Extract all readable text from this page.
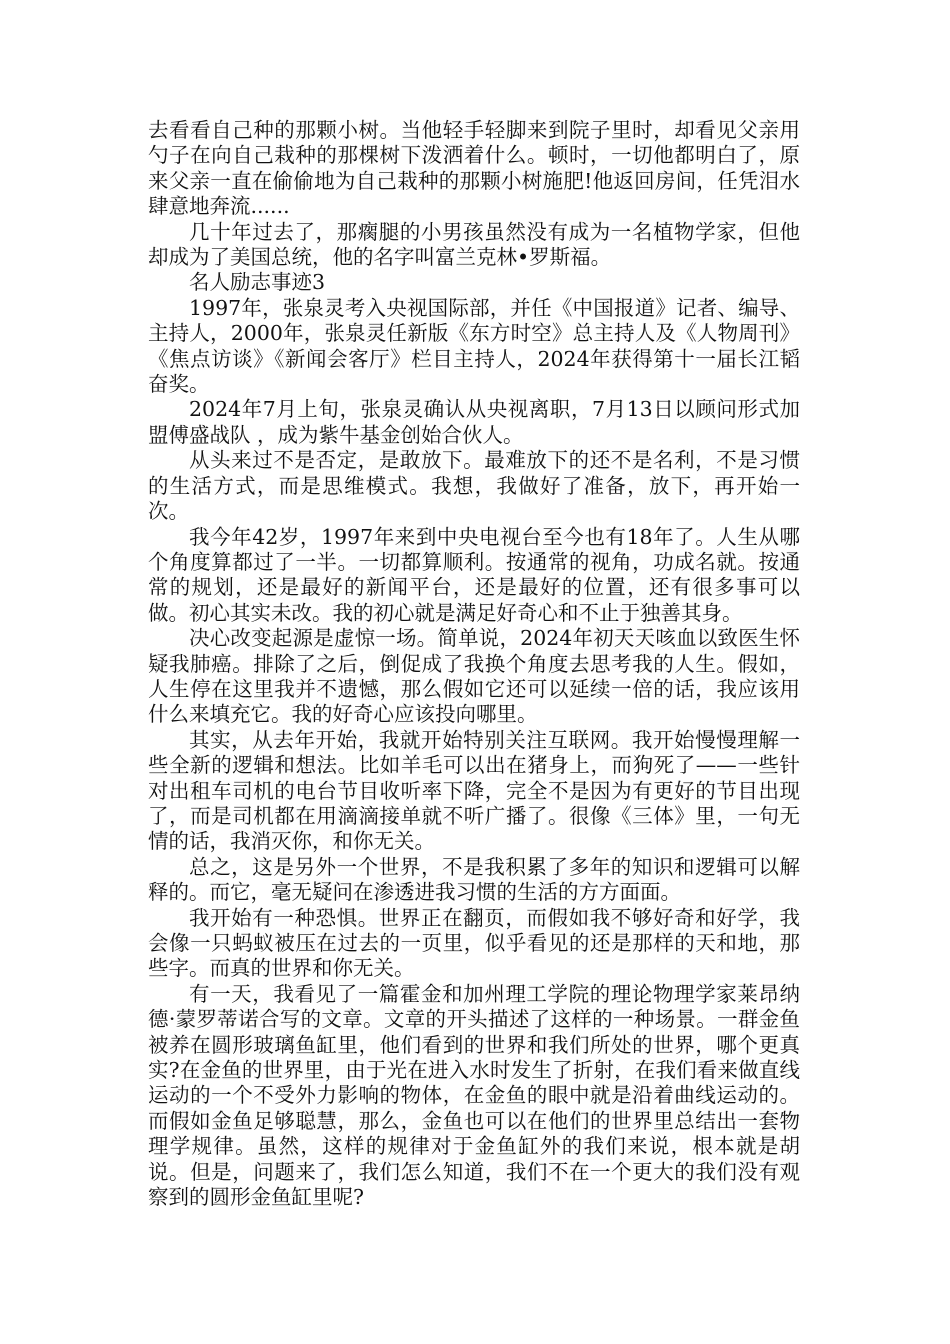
去看看自己种的那颗小树。当他轻手轻脚来到院子里时，却看见父亲用勺子在向自己栽种的那棵树下泼洒着什么。顿时，一切他都明白了，原来父亲一直在偷偷地为自己栽种的那颗小树施肥!他返回房间，任凭泪水肆意地奔流......

几十年过去了，那瘸腿的小男孩虽然没有成为一名植物学家，但他却成为了美国总统，他的名字叫富兰克林•罗斯福。

名人励志事迹3

1997年，张泉灵考入央视国际部，并任《中国报道》记者、编导、主持人，2000年，张泉灵任新版《东方时空》总主持人及《人物周刊》《焦点访谈》《新闻会客厅》栏目主持人，2024年获得第十一届长江韬奋奖。

2024年7月上旬，张泉灵确认从央视离职，7月13日以顾问形式加盟傅盛战队 ，成为紫牛基金创始合伙人。

从头来过不是否定，是敢放下。最难放下的还不是名利，不是习惯的生活方式，而是思维模式。我想，我做好了准备，放下，再开始一次。

我今年42岁，1997年来到中央电视台至今也有18年了。人生从哪个角度算都过了一半。一切都算顺利。按通常的视角，功成名就。按通常的规划，还是最好的新闻平台，还是最好的位置，还有很多事可以做。初心其实未改。我的初心就是满足好奇心和不止于独善其身。

决心改变起源是虚惊一场。简单说，2024年初天天咳血以致医生怀疑我肺癌。排除了之后，倒促成了我换个角度去思考我的人生。假如，人生停在这里我并不遗憾，那么假如它还可以延续一倍的话，我应该用什么来填充它。我的好奇心应该投向哪里。

其实，从去年开始，我就开始特别关注互联网。我开始慢慢理解一些全新的逻辑和想法。比如羊毛可以出在猪身上，而狗死了——一些针对出租车司机的电台节目收听率下降，完全不是因为有更好的节目出现了，而是司机都在用滴滴接单就不听广播了。很像《三体》里，一句无情的话，我消灭你，和你无关。

总之，这是另外一个世界，不是我积累了多年的知识和逻辑可以解释的。而它，毫无疑问在渗透进我习惯的生活的方方面面。

我开始有一种恐惧。世界正在翻页，而假如我不够好奇和好学，我会像一只蚂蚁被压在过去的一页里，似乎看见的还是那样的天和地，那些字。而真的世界和你无关。

有一天，我看见了一篇霍金和加州理工学院的理论物理学家莱昂纳德·蒙罗蒂诺合写的文章。文章的开头描述了这样的一种场景。一群金鱼被养在圆形玻璃鱼缸里，他们看到的世界和我们所处的世界，哪个更真实?在金鱼的世界里，由于光在进入水时发生了折射，在我们看来做直线运动的一个不受外力影响的物体，在金鱼的眼中就是沿着曲线运动的。而假如金鱼足够聪慧，那么，金鱼也可以在他们的世界里总结出一套物理学规律。虽然，这样的规律对于金鱼缸外的我们来说，根本就是胡说。但是，问题来了，我们怎么知道，我们不在一个更大的我们没有观察到的圆形金鱼缸里呢?
